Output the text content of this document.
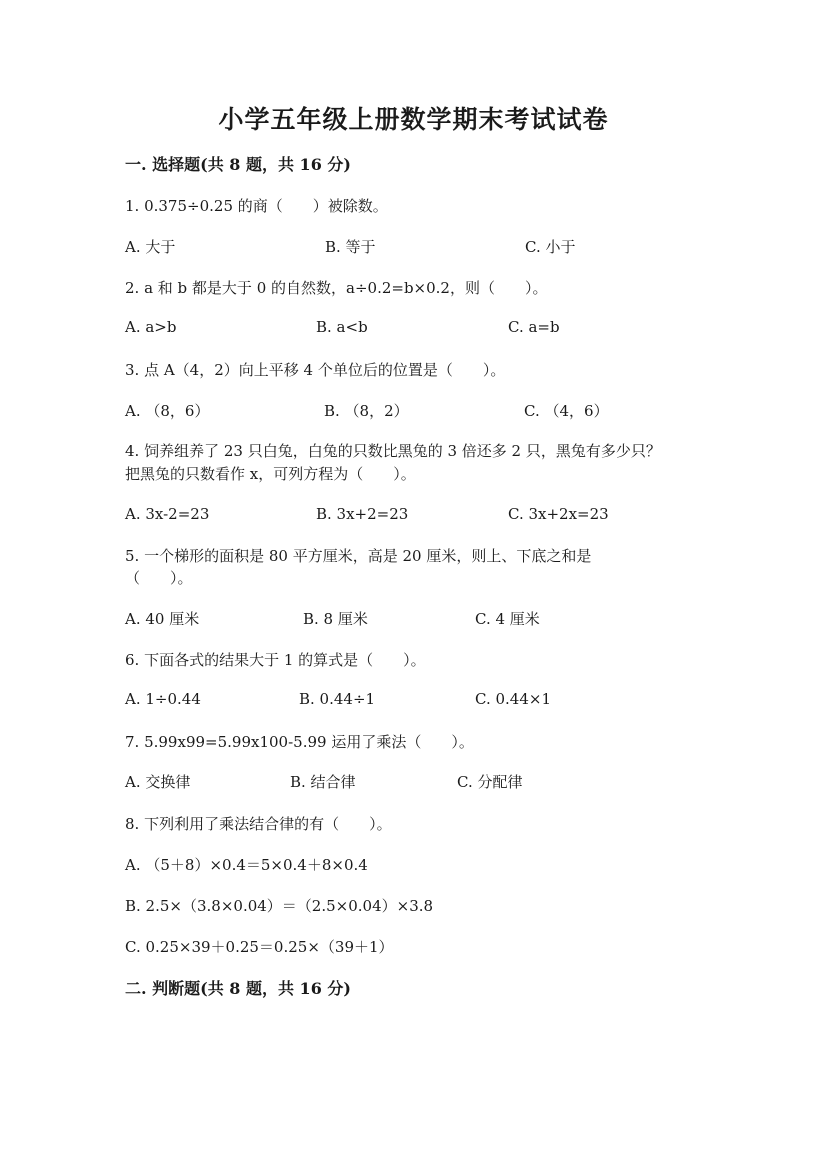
小学五年级上册数学期末考试试卷
一. 选择题(共 8 题，共 16 分)
1. 0.375÷0.25 的商（　　）被除数。
A. 大于	B. 等于	C. 小于
2. a 和 b 都是大于 0 的自然数，a÷0.2=b×0.2，则（　　）。
A. a>b	B. a<b	C. a=b
3. 点 A（4，2）向上平移 4 个单位后的位置是（　　）。
A. （8，6）	B. （8，2）	C. （4，6）
4. 饲养组养了 23 只白兔，白兔的只数比黑兔的 3 倍还多 2 只，黑兔有多少只？
把黑兔的只数看作 x，可列方程为（　　）。
A. 3x-2=23	B. 3x+2=23	C. 3x+2x=23
5. 一个梯形的面积是 80 平方厘米，高是 20 厘米，则上、下底之和是
（　　）。
A. 40 厘米	B. 8 厘米	C. 4 厘米
6. 下面各式的结果大于 1 的算式是（　　）。
A. 1÷0.44	B. 0.44÷1	C. 0.44×1
7. 5.99x99=5.99x100-5.99 运用了乘法（　　）。
A. 交换律	B. 结合律	C. 分配律
8. 下列利用了乘法结合律的有（　　）。
A. （5＋8）×0.4＝5×0.4＋8×0.4
B. 2.5×（3.8×0.04）＝（2.5×0.04）×3.8
C. 0.25×39＋0.25＝0.25×（39＋1）
二. 判断题(共 8 题，共 16 分)
